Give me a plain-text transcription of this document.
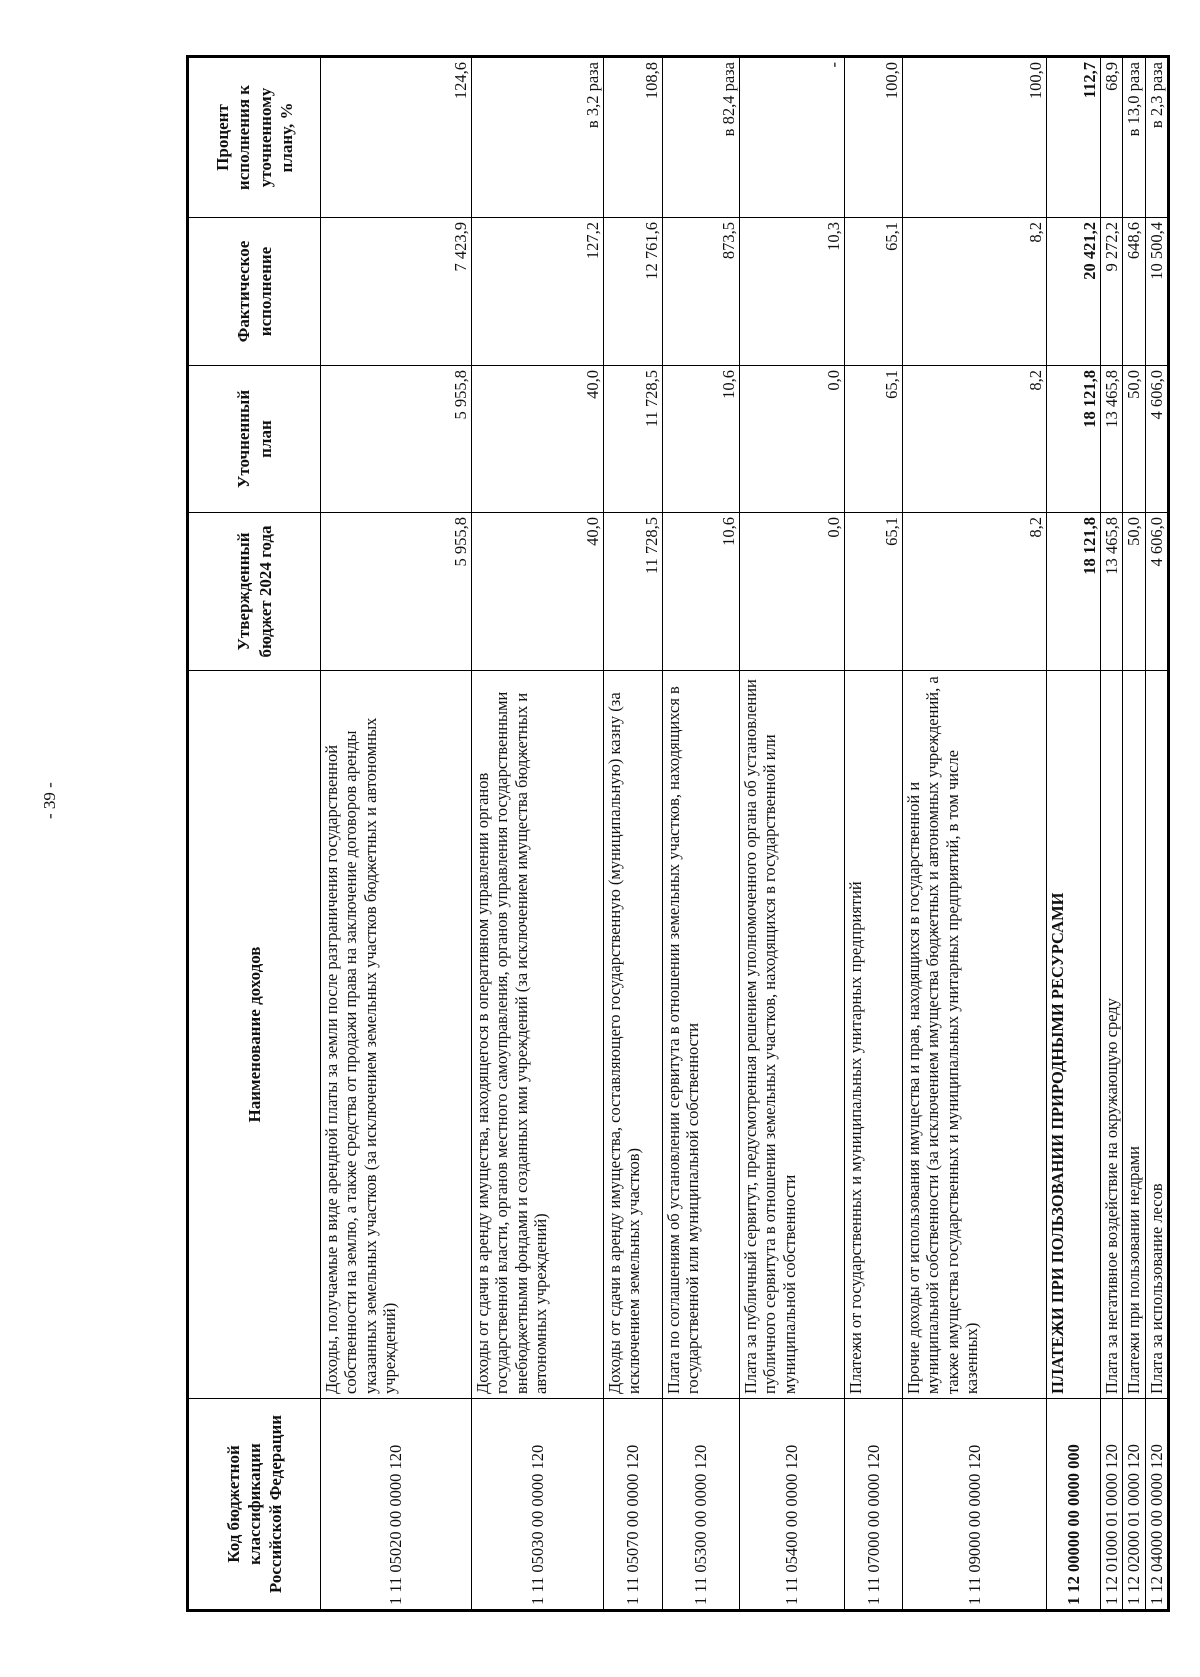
- 39 -
Код бюджетной классификации Российской Федерации	Наименование доходов	Утвержденный бюджет 2024 года	Уточненный план	Фактическое исполнение	Процент исполнения к уточненному плану, %
1 11 05020 00 0000 120	Доходы, получаемые в виде арендной платы за земли после разграничения государственной собственности на землю, а также средства от продажи права на заключение договоров аренды указанных земельных участков (за исключением земельных участков бюджетных и автономных учреждений)	5 955,8	5 955,8	7 423,9	124,6
1 11 05030 00 0000 120	Доходы от сдачи в аренду имущества, находящегося в оперативном управлении органов государственной власти, органов местного самоуправления, органов управления государственными внебюджетными фондами и созданных ими учреждений (за исключением имущества бюджетных и автономных учреждений)	40,0	40,0	127,2	в 3,2 раза
1 11 05070 00 0000 120	Доходы от сдачи в аренду имущества, составляющего государственную (муниципальную) казну (за исключением земельных участков)	11 728,5	11 728,5	12 761,6	108,8
1 11 05300 00 0000 120	Плата по соглашениям об установлении сервитута в отношении земельных участков, находящихся в государственной или муниципальной собственности	10,6	10,6	873,5	в 82,4 раза
1 11 05400 00 0000 120	Плата за публичный сервитут, предусмотренная решением уполномоченного органа об установлении публичного сервитута в отношении земельных участков, находящихся в государственной или муниципальной собственности	0,0	0,0	10,3	-
1 11 07000 00 0000 120	Платежи от государственных и муниципальных унитарных предприятий	65,1	65,1	65,1	100,0
1 11 09000 00 0000 120	Прочие доходы от использования имущества и прав, находящихся в государственной и муниципальной собственности (за исключением имущества бюджетных и автономных учреждений, а также имущества государственных и муниципальных унитарных предприятий, в том числе казенных)	8,2	8,2	8,2	100,0
1 12 00000 00 0000 000	ПЛАТЕЖИ ПРИ ПОЛЬЗОВАНИИ ПРИРОДНЫМИ РЕСУРСАМИ	18 121,8	18 121,8	20 421,2	112,7
1 12 01000 01 0000 120	Плата за негативное воздействие на окружающую среду	13 465,8	13 465,8	9 272,2	68,9
1 12 02000 01 0000 120	Платежи при пользовании недрами	50,0	50,0	648,6	в 13,0 раза
1 12 04000 00 0000 120	Плата за использование лесов	4 606,0	4 606,0	10 500,4	в 2,3 раза
